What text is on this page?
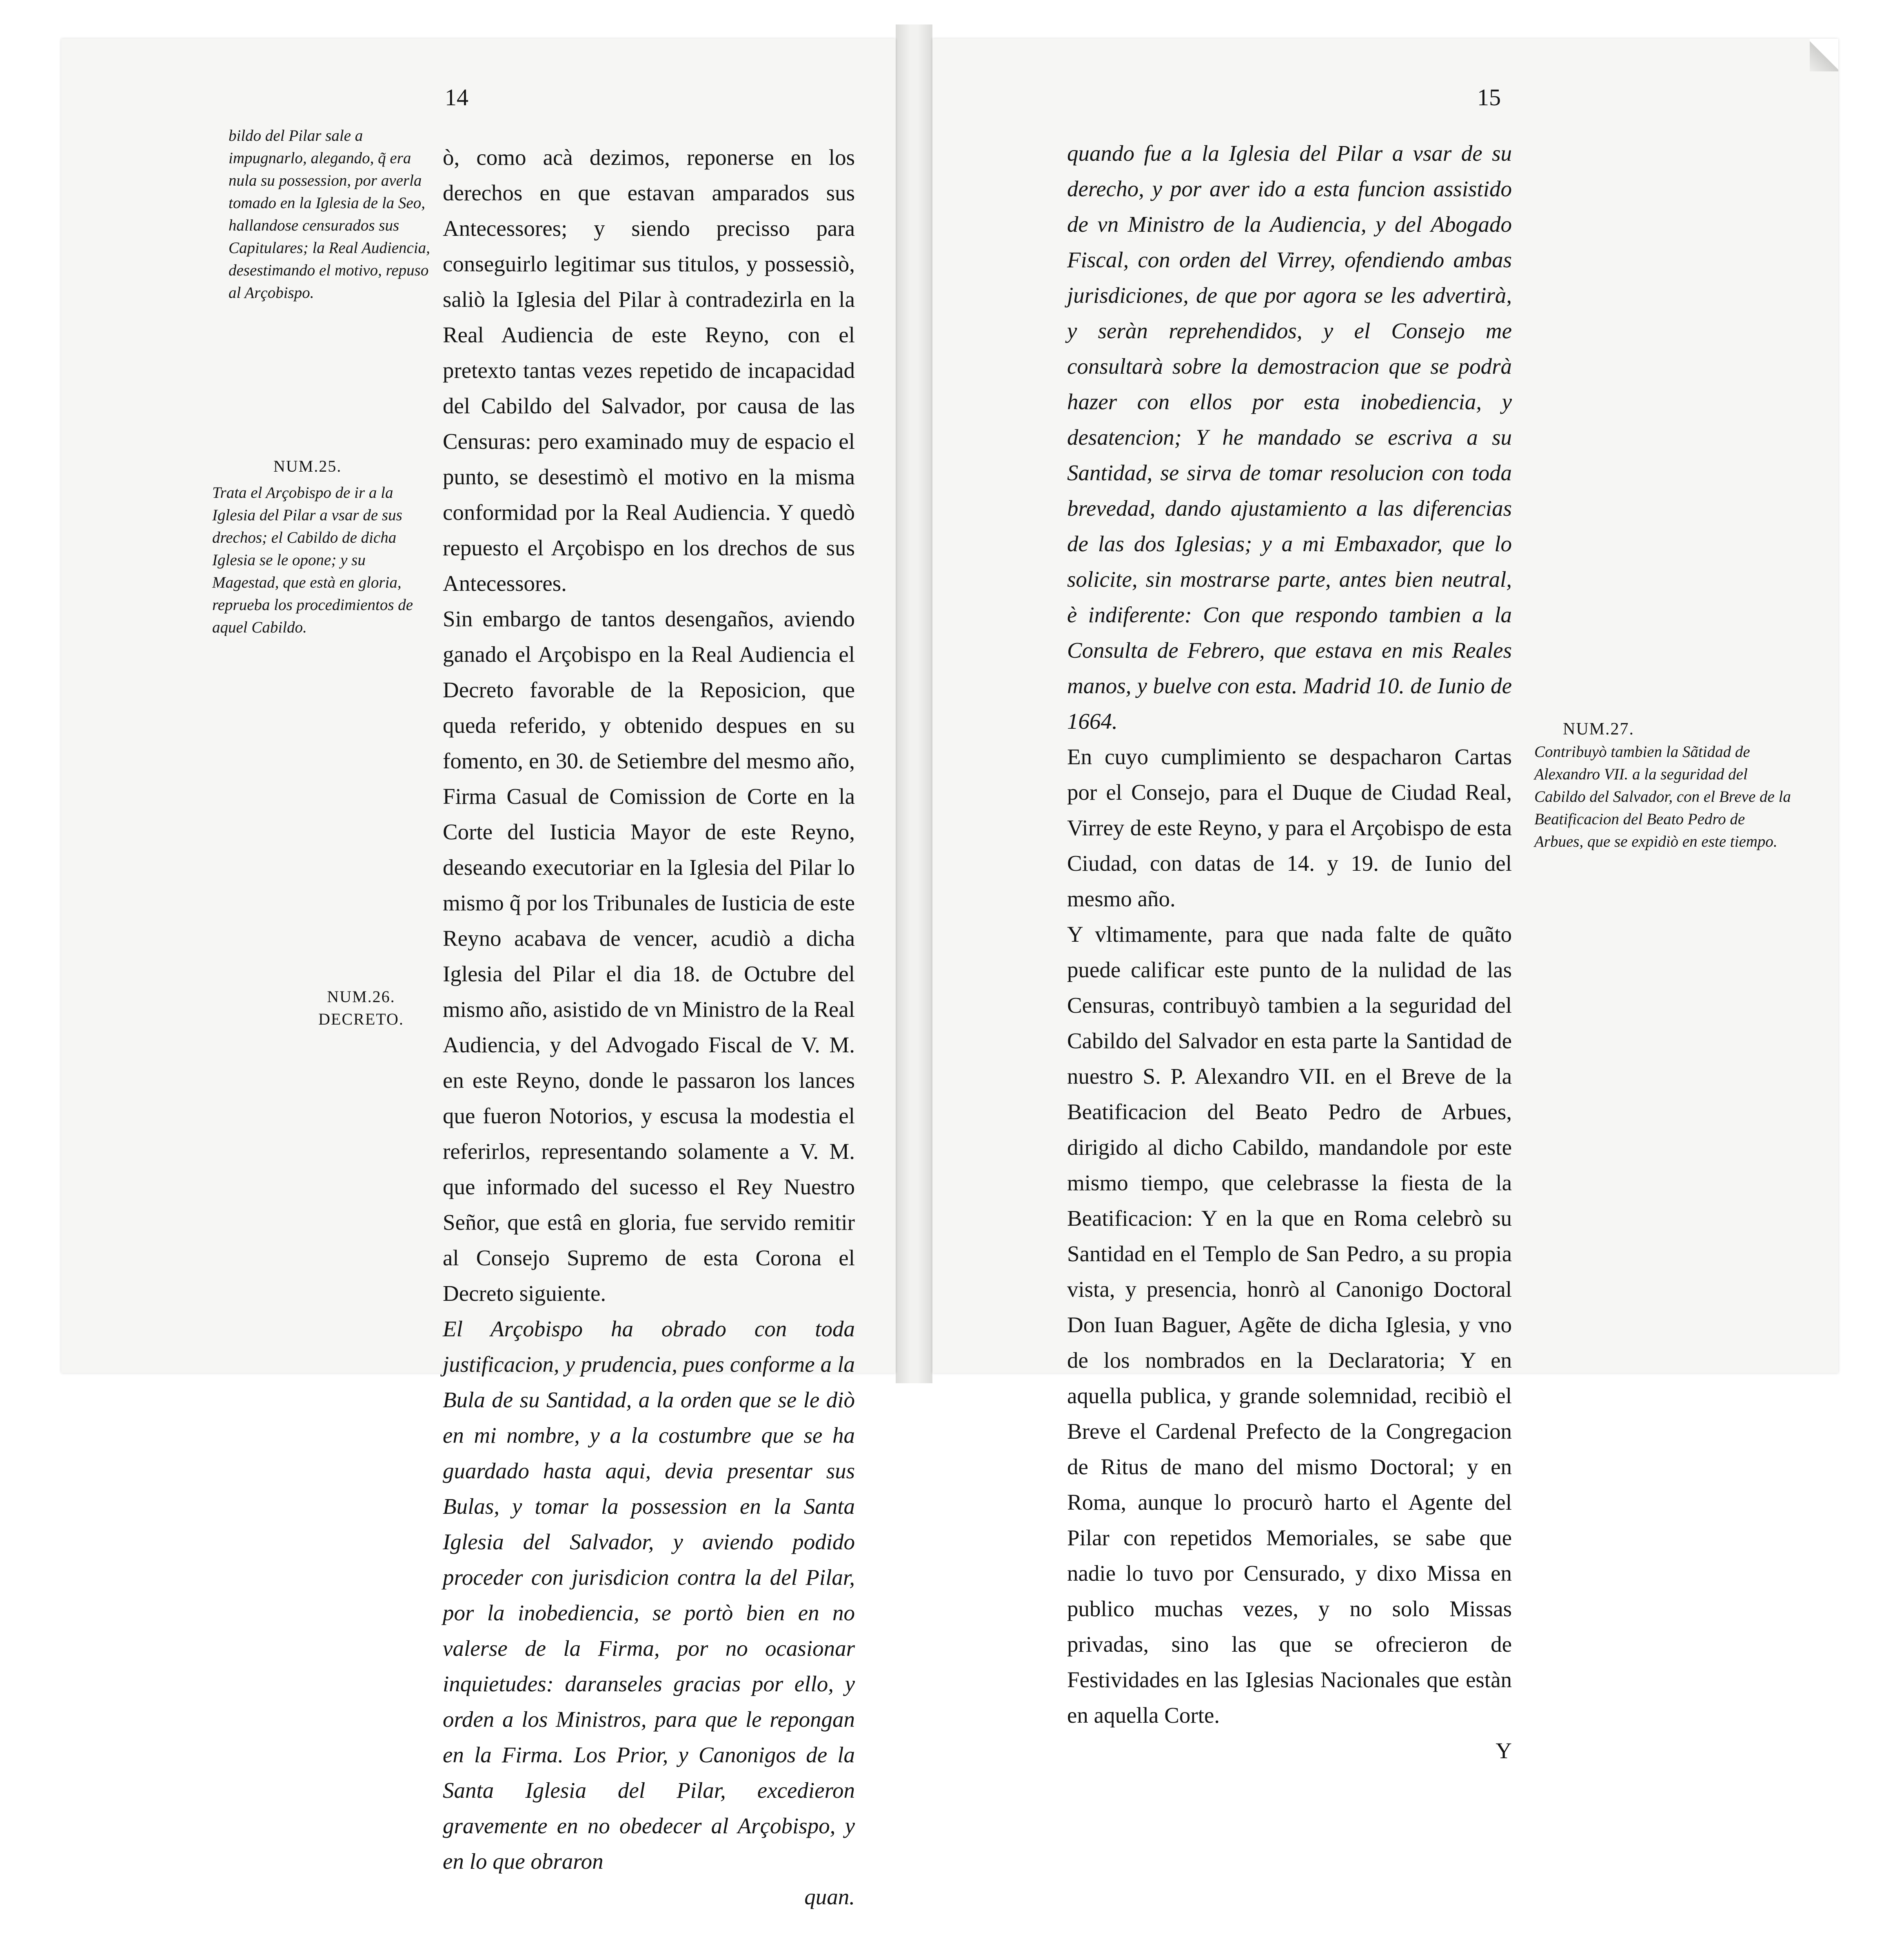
14
bildo del Pilar sale a impugnarlo, alegando, q̃ era nula su possession, por averla tomado en la Iglesia de la Seo, hallandose censurados sus Capitulares; la Real Audiencia, desestimando el motivo, repuso al Arçobispo.
NUM.25.
Trata el Arçobispo de ir a la Iglesia del Pilar a vsar de sus drechos; el Cabildo de dicha Iglesia se le opone; y su Magestad, que està en gloria, reprueba los procedimientos de aquel Cabildo.
NUM.26.
DECRETO.

ò, como acà dezimos, reponerse en los derechos en que estavan amparados sus Antecessores; y siendo precisso para conseguirlo legitimar sus titulos, y possessiò, saliò la Iglesia del Pilar à contradezirla en la Real Audiencia de este Reyno, con el pretexto tantas vezes repetido de incapacidad del Cabildo del Salvador, por causa de las Censuras: pero examinado muy de espacio el punto, se desestimò el motivo en la misma conformidad por la Real Audiencia. Y quedò repuesto el Arçobispo en los drechos de sus Antecessores.
Sin embargo de tantos desengaños, aviendo ganado el Arçobispo en la Real Audiencia el Decreto favorable de la Reposicion, que queda referido, y obtenido despues en su fomento, en 30. de Setiembre del mesmo año, Firma Casual de Comission de Corte en la Corte del Iusticia Mayor de este Reyno, deseando executoriar en la Iglesia del Pilar lo mismo q̃ por los Tribunales de Iusticia de este Reyno acabava de vencer, acudiò a dicha Iglesia del Pilar el dia 18. de Octubre del mismo año, asistido de vn Ministro de la Real Audiencia, y del Advogado Fiscal de V. M. en este Reyno, donde le passaron los lances que fueron Notorios, y escusa la modestia el referirlos, representando solamente a V. M. que informado del sucesso el Rey Nuestro Señor, que estâ en gloria, fue servido remitir al Consejo Supremo de esta Corona el Decreto siguiente.
El Arçobispo ha obrado con toda justificacion, y prudencia, pues conforme a la Bula de su Santidad, a la orden que se le diò en mi nombre, y a la costumbre que se ha guardado hasta aqui, devia presentar sus Bulas, y tomar la possession en la Santa Iglesia del Salvador, y aviendo podido proceder con jurisdicion contra la del Pilar, por la inobediencia, se portò bien en no valerse de la Firma, por no ocasionar inquietudes: daranseles gracias por ello, y orden a los Ministros, para que le repongan en la Firma. Los Prior, y Canonigos de la Santa Iglesia del Pilar, excedieron gravemente en no obedecer al Arçobispo, y en lo que obraron

quan.

15

quando fue a la Iglesia del Pilar a vsar de su derecho, y por aver ido a esta funcion assistido de vn Ministro de la Audiencia, y del Abogado Fiscal, con orden del Virrey, ofendiendo ambas jurisdiciones, de que por agora se les advertirà, y seràn reprehendidos, y el Consejo me consultarà sobre la demostracion que se podrà hazer con ellos por esta inobediencia, y desatencion; Y he mandado se escriva a su Santidad, se sirva de tomar resolucion con toda brevedad, dando ajustamiento a las diferencias de las dos Iglesias; y a mi Embaxador, que lo solicite, sin mostrarse parte, antes bien neutral, è indiferente: Con que respondo tambien a la Consulta de Febrero, que estava en mis Reales manos, y buelve con esta. Madrid 10. de Iunio de 1664.
En cuyo cumplimiento se despacharon Cartas por el Consejo, para el Duque de Ciudad Real, Virrey de este Reyno, y para el Arçobispo de esta Ciudad, con datas de 14. y 19. de Iunio del mesmo año.
Y vltimamente, para que nada falte de quãto puede calificar este punto de la nulidad de las Censuras, contribuyò tambien a la seguridad del Cabildo del Salvador en esta parte la Santidad de nuestro S. P. Alexandro VII. en el Breve de la Beatificacion del Beato Pedro de Arbues, dirigido al dicho Cabildo, mandandole por este mismo tiempo, que celebrasse la fiesta de la Beatificacion: Y en la que en Roma celebrò su Santidad en el Templo de San Pedro, a su propia vista, y presencia, honrò al Canonigo Doctoral Don Iuan Baguer, Agẽte de dicha Iglesia, y vno de los nombrados en la Declaratoria; Y en aquella publica, y grande solemnidad, recibiò el Breve el Cardenal Prefecto de la Congregacion de Ritus de mano del mismo Doctoral; y en Roma, aunque lo procurò harto el Agente del Pilar con repetidos Memoriales, se sabe que nadie lo tuvo por Censurado, y dixo Missa en publico muchas vezes, y no solo Missas privadas, sino las que se ofrecieron de Festividades en las Iglesias Nacionales que estàn en aquella Corte.

Y

NUM.27.
Contribuyò tambien la Sãtidad de Alexandro VII. a la seguridad del Cabildo del Salvador, con el Breve de la Beatificacion del Beato Pedro de Arbues, que se expidiò en este tiempo.
